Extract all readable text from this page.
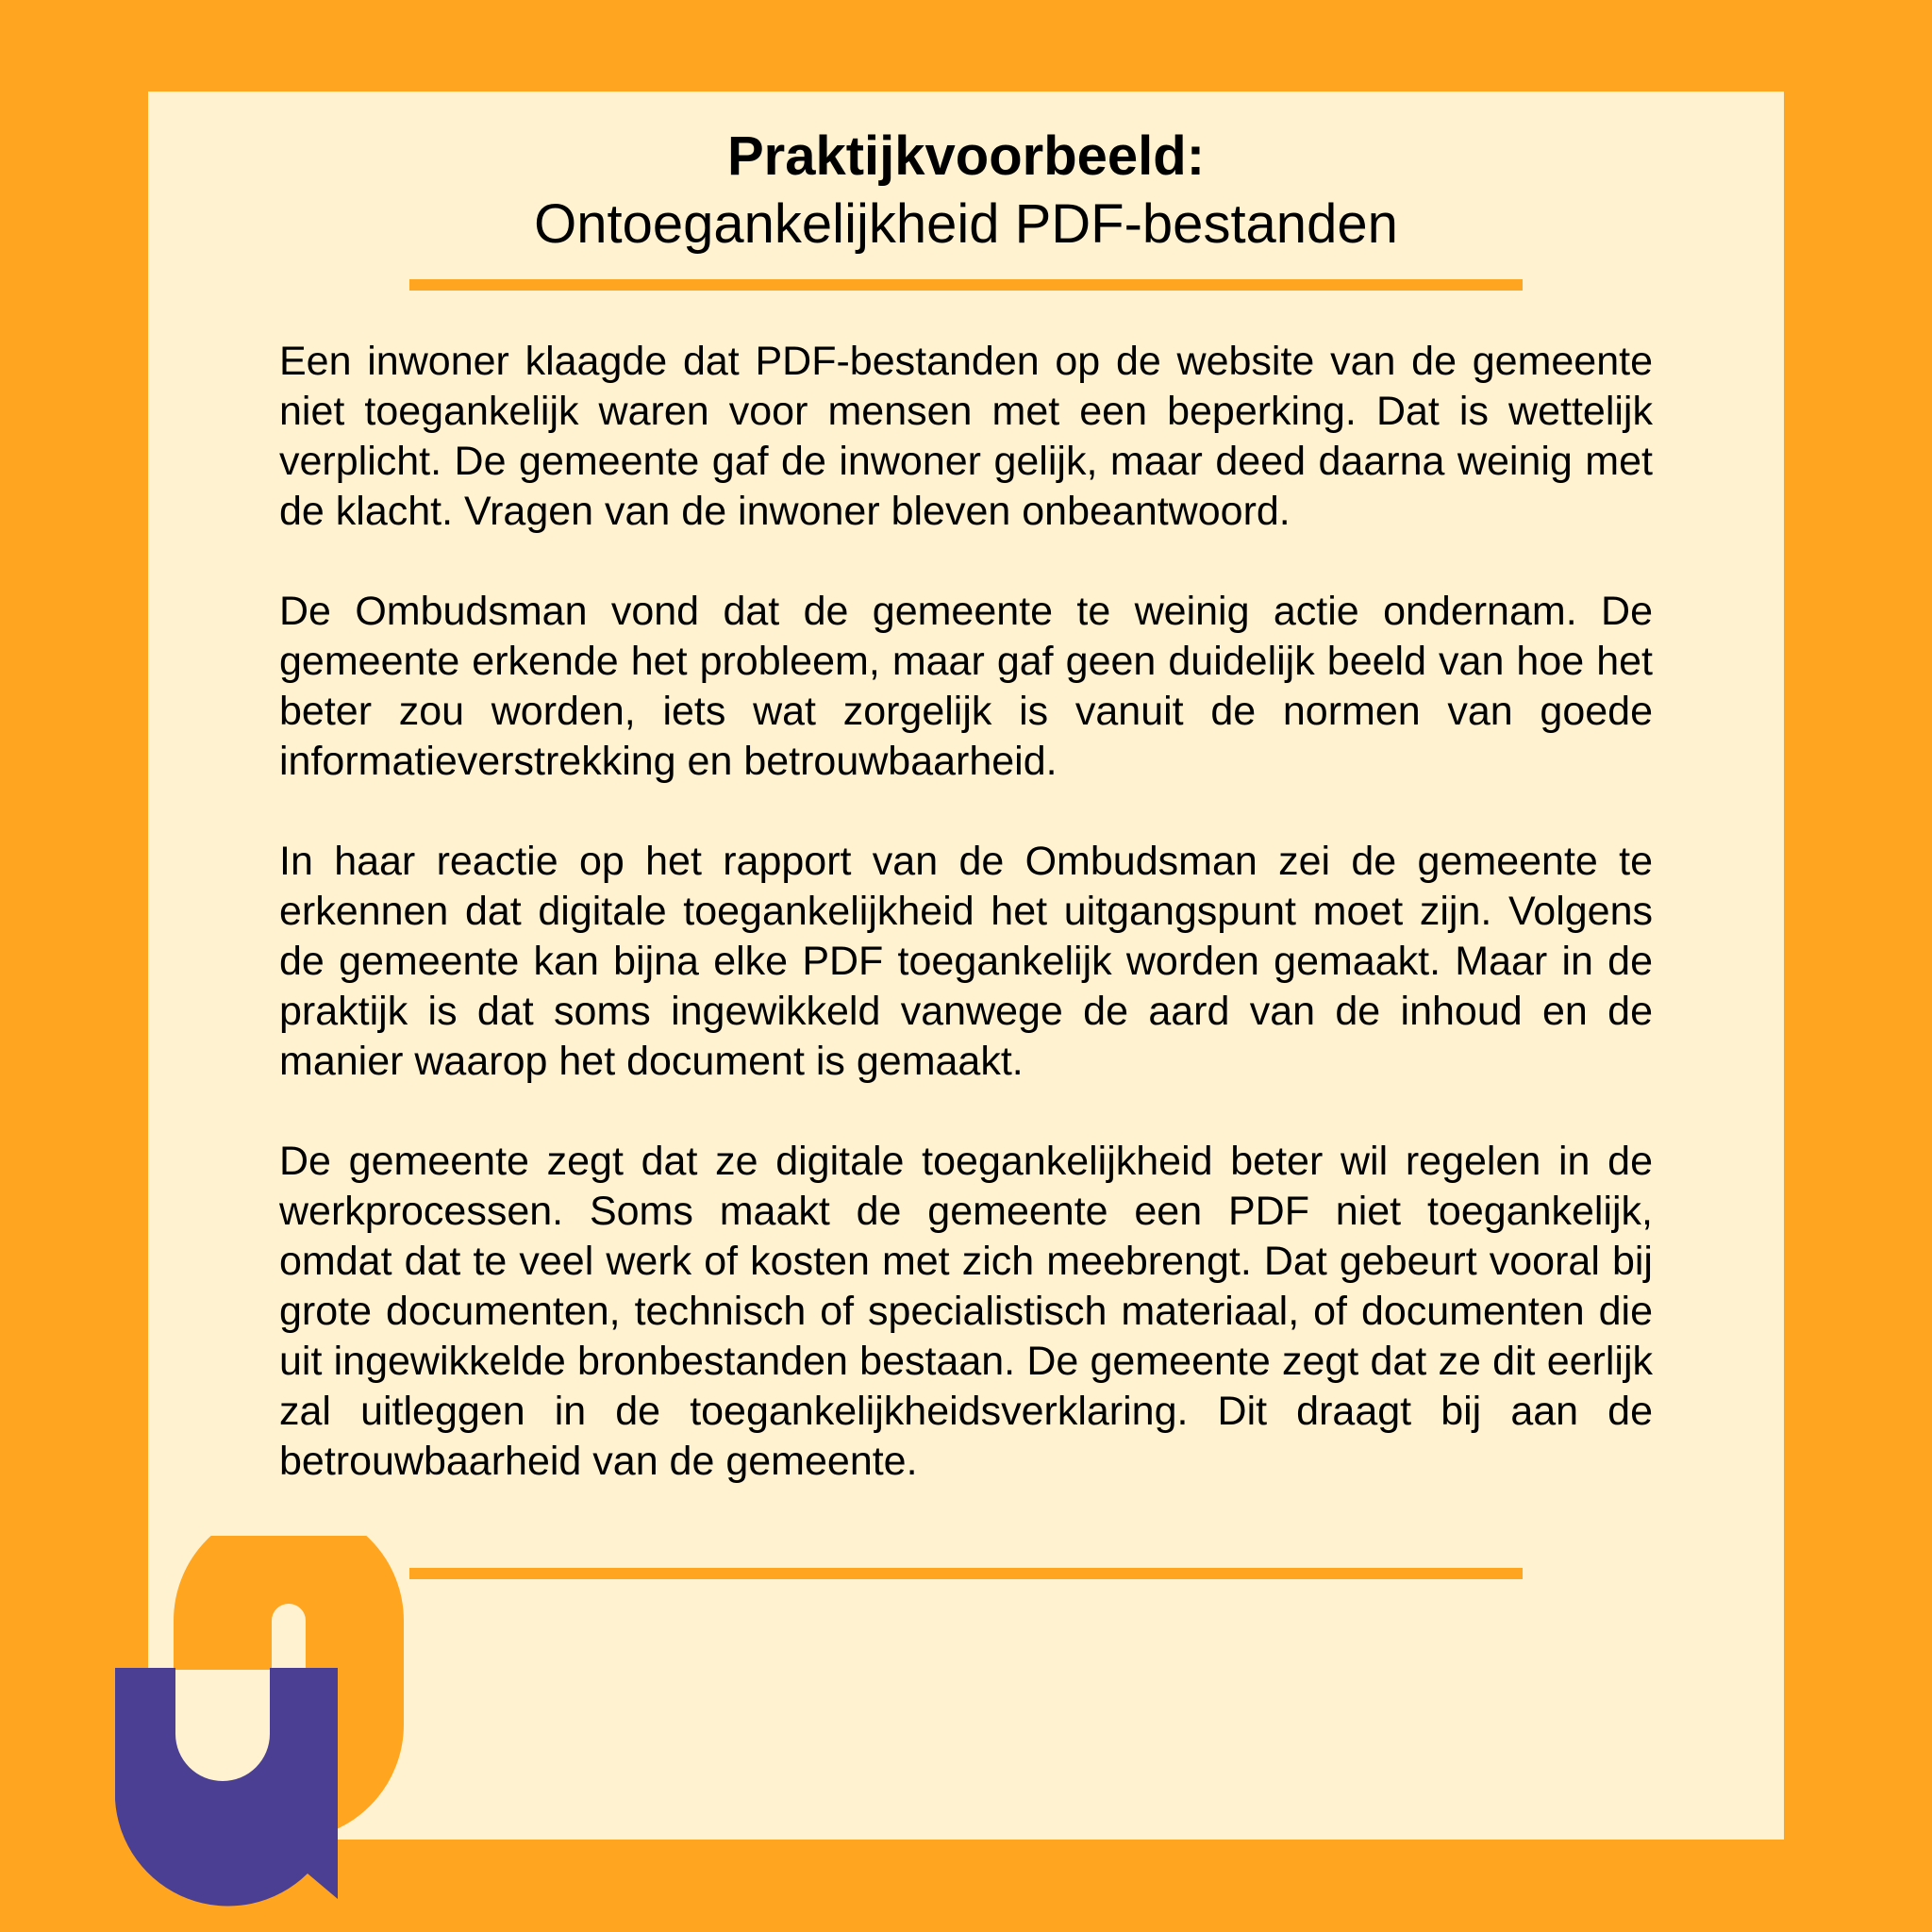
Praktijkvoorbeeld:
Ontoegankelijkheid PDF-bestanden

Een inwoner klaagde dat PDF-bestanden op de website van de gemeente niet toegankelijk waren voor mensen met een beperking. Dat is wettelijk verplicht. De gemeente gaf de inwoner gelijk, maar deed daarna weinig met de klacht. Vragen van de inwoner bleven onbeantwoord.

De Ombudsman vond dat de gemeente te weinig actie ondernam. De gemeente erkende het probleem, maar gaf geen duidelijk beeld van hoe het beter zou worden, iets wat zorgelijk is vanuit de normen van goede informatieverstrekking en betrouwbaarheid.

In haar reactie op het rapport van de Ombudsman zei de gemeente te erkennen dat digitale toegankelijkheid het uitgangspunt moet zijn. Volgens de gemeente kan bijna elke PDF toegankelijk worden gemaakt. Maar in de praktijk is dat soms ingewikkeld vanwege de aard van de inhoud en de manier waarop het document is gemaakt.

De gemeente zegt dat ze digitale toegankelijkheid beter wil regelen in de werkprocessen. Soms maakt de gemeente een PDF niet toegankelijk, omdat dat te veel werk of kosten met zich meebrengt. Dat gebeurt vooral bij grote documenten, technisch of specialistisch materiaal, of documenten die uit ingewikkelde bronbestanden bestaan. De gemeente zegt dat ze dit eerlijk zal uitleggen in de toegankelijkheidsverklaring. Dit draagt bij aan de betrouwbaarheid van de gemeente.
